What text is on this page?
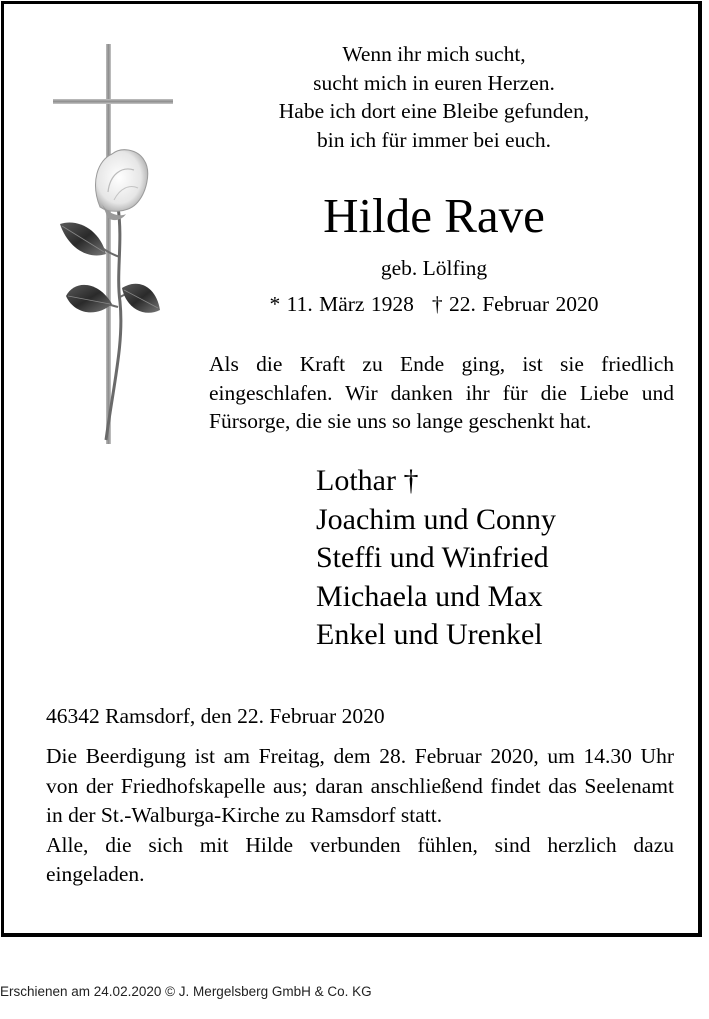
Wenn ihr mich sucht,
sucht mich in euren Herzen.
Habe ich dort eine Bleibe gefunden,
bin ich für immer bei euch.
Hilde Rave
geb. Lölfing
* 11. März 1928 † 22. Februar 2020
Als die Kraft zu Ende ging, ist sie friedlich eingeschlafen. Wir danken ihr für die Liebe und Fürsorge, die sie uns so lange geschenkt hat.
Lothar †
Joachim und Conny
Steffi und Winfried
Michaela und Max
Enkel und Urenkel
46342 Ramsdorf, den 22. Februar 2020

Die Beerdigung ist am Freitag, dem 28. Februar 2020, um 14.30 Uhr von der Friedhofskapelle aus; daran anschließend findet das Seelenamt in der St.-Walburga-Kirche zu Ramsdorf statt.

Alle, die sich mit Hilde verbunden fühlen, sind herzlich dazu eingeladen.

Erschienen am 24.02.2020 © J. Mergelsberg GmbH & Co. KG
